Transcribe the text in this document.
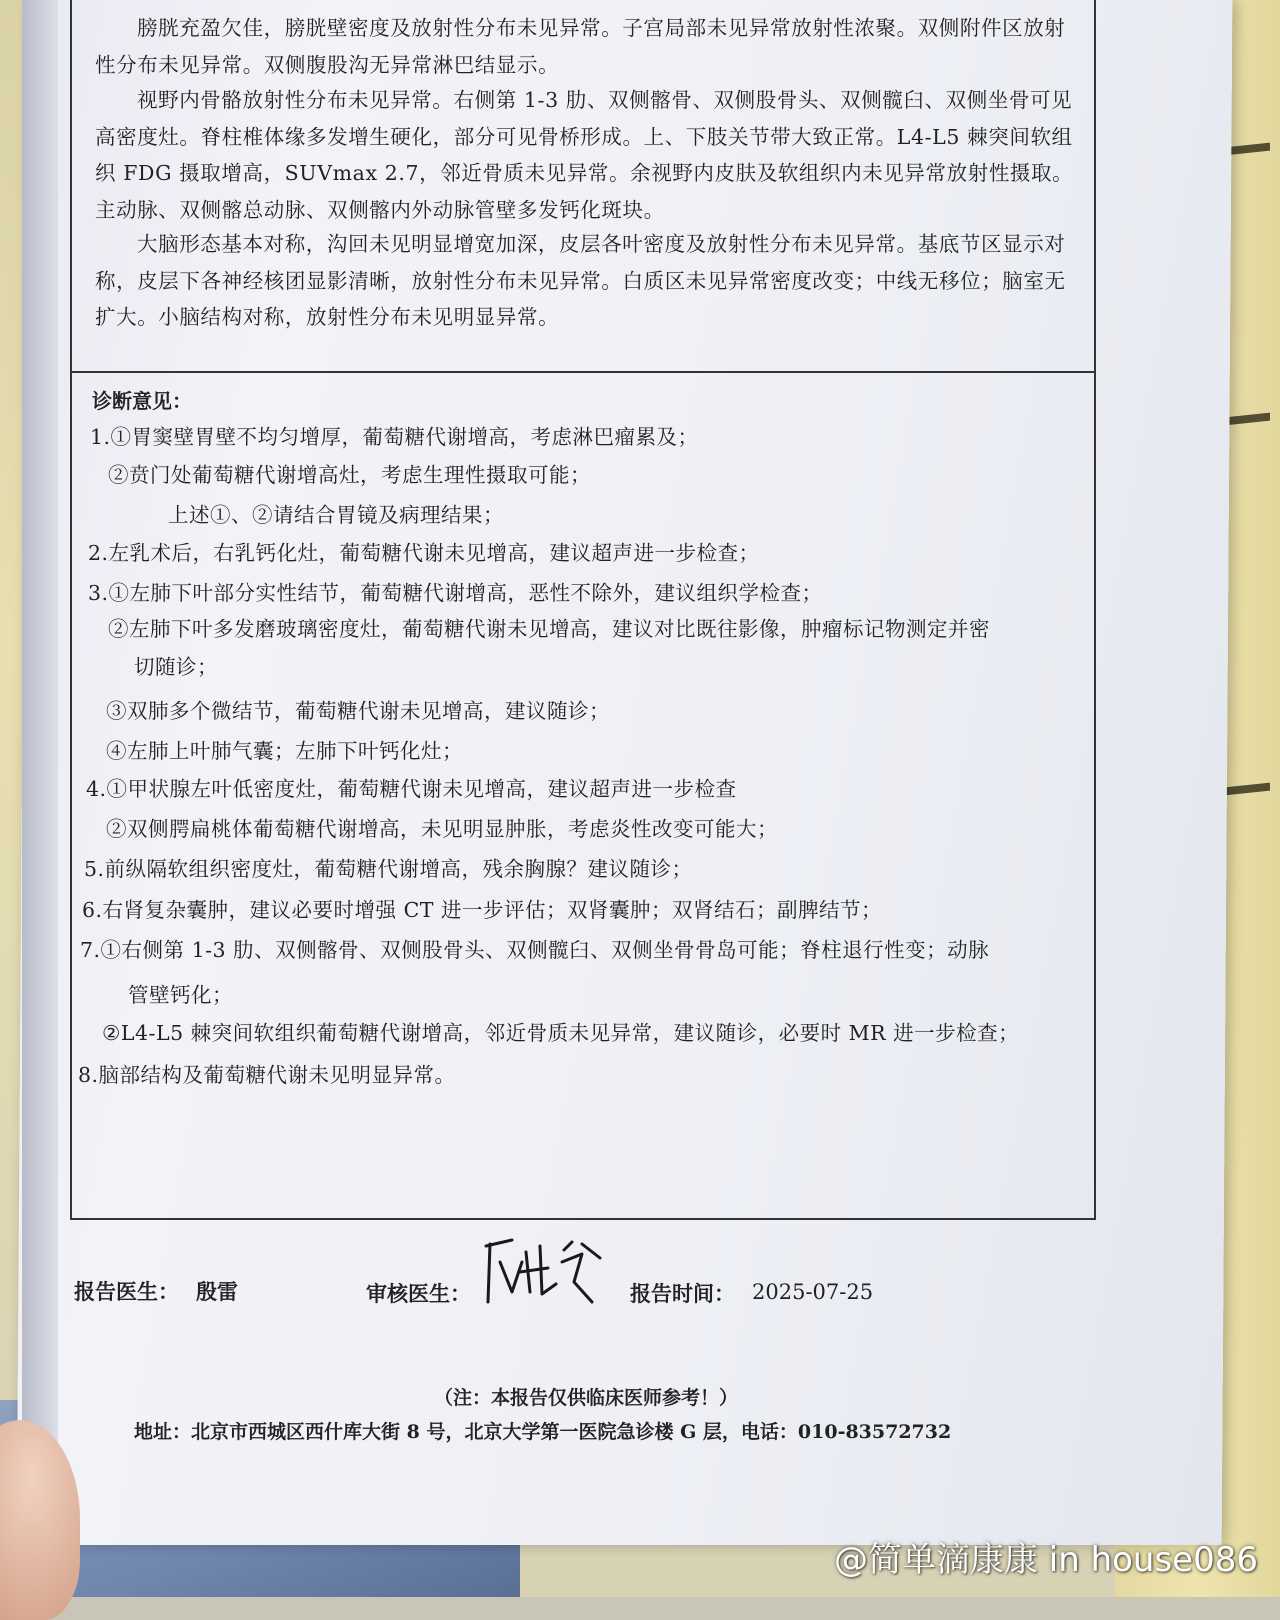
膀胱充盈欠佳，膀胱壁密度及放射性分布未见异常。子宫局部未见异常放射性浓聚。双侧附件区放射性分布未见异常。双侧腹股沟无异常淋巴结显示。

视野内骨骼放射性分布未见异常。右侧第 1-3 肋、双侧髂骨、双侧股骨头、双侧髋臼、双侧坐骨可见高密度灶。脊柱椎体缘多发增生硬化，部分可见骨桥形成。上、下肢关节带大致正常。L4-L5 棘突间软组织 FDG 摄取增高，SUVmax 2.7，邻近骨质未见异常。余视野内皮肤及软组织内未见异常放射性摄取。主动脉、双侧髂总动脉、双侧髂内外动脉管壁多发钙化斑块。

大脑形态基本对称，沟回未见明显增宽加深，皮层各叶密度及放射性分布未见异常。基底节区显示对称，皮层下各神经核团显影清晰，放射性分布未见异常。白质区未见异常密度改变；中线无移位；脑室无扩大。小脑结构对称，放射性分布未见明显异常。

诊断意见：

1.①胃窦壁胃壁不均匀增厚，葡萄糖代谢增高，考虑淋巴瘤累及；

②贲门处葡萄糖代谢增高灶，考虑生理性摄取可能；

上述①、②请结合胃镜及病理结果；

2.左乳术后，右乳钙化灶，葡萄糖代谢未见增高，建议超声进一步检查；

3.①左肺下叶部分实性结节，葡萄糖代谢增高，恶性不除外，建议组织学检查；

②左肺下叶多发磨玻璃密度灶，葡萄糖代谢未见增高，建议对比既往影像，肿瘤标记物测定并密

切随诊；

③双肺多个微结节，葡萄糖代谢未见增高，建议随诊；

④左肺上叶肺气囊；左肺下叶钙化灶；

4.①甲状腺左叶低密度灶，葡萄糖代谢未见增高，建议超声进一步检查

②双侧腭扁桃体葡萄糖代谢增高，未见明显肿胀，考虑炎性改变可能大；

5.前纵隔软组织密度灶，葡萄糖代谢增高，残余胸腺？建议随诊；

6.右肾复杂囊肿，建议必要时增强 CT 进一步评估；双肾囊肿；双肾结石；副脾结节；

7.①右侧第 1-3 肋、双侧髂骨、双侧股骨头、双侧髋臼、双侧坐骨骨岛可能；脊柱退行性变；动脉

管壁钙化；

②L4-L5 棘突间软组织葡萄糖代谢增高，邻近骨质未见异常，建议随诊，必要时 MR 进一步检查；

8.脑部结构及葡萄糖代谢未见明显异常。

报告医生： 殷雷	审核医生：	报告时间： 2025-07-25
（注：本报告仅供临床医师参考！）
地址：北京市西城区西什库大街 8 号，北京大学第一医院急诊楼 G 层，电话：010-83572732
@简单滴康康 in house086
